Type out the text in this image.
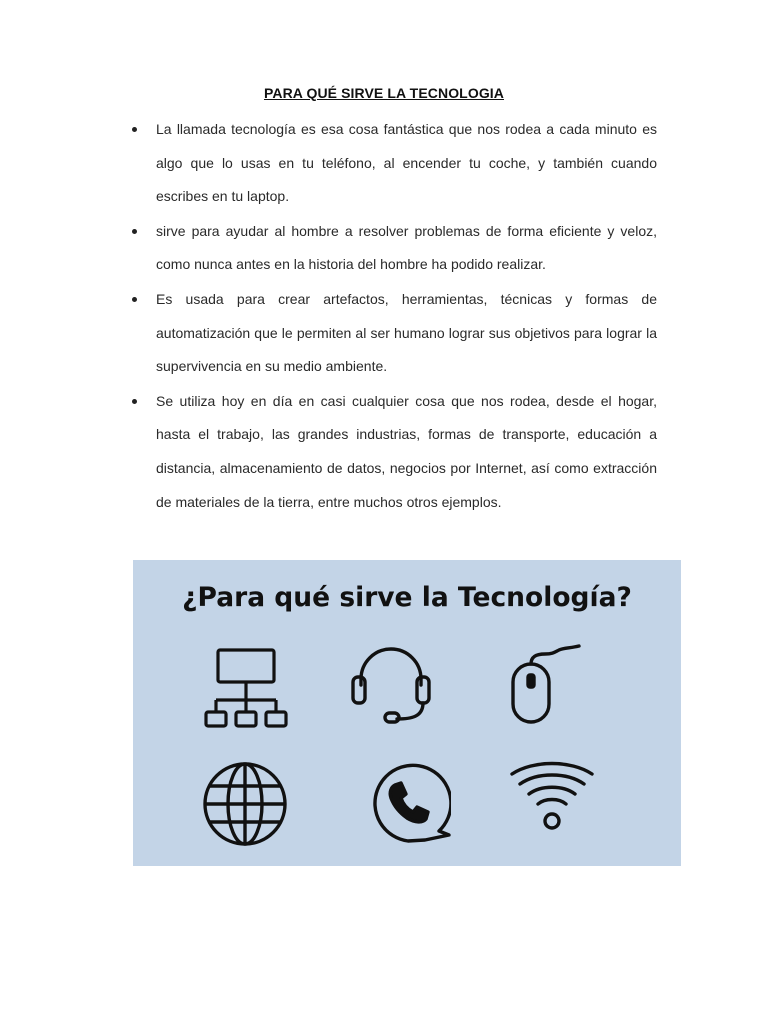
PARA QUÉ SIRVE LA TECNOLOGIA
La llamada tecnología es esa cosa fantástica que nos rodea a cada minuto es algo que lo usas en tu teléfono, al encender tu coche, y también cuando escribes en tu laptop.
sirve para ayudar al hombre a resolver problemas de forma eficiente y veloz, como nunca antes en la historia del hombre ha podido realizar.
Es usada para crear artefactos, herramientas, técnicas y formas de automatización que le permiten al ser humano lograr sus objetivos para lograr la supervivencia en su medio ambiente.
Se utiliza hoy en día en casi cualquier cosa que nos rodea, desde el hogar, hasta el trabajo, las grandes industrias, formas de transporte, educación a distancia, almacenamiento de datos, negocios por Internet, así como extracción de materiales de la tierra, entre muchos otros ejemplos.
¿Para qué sirve la Tecnología?
